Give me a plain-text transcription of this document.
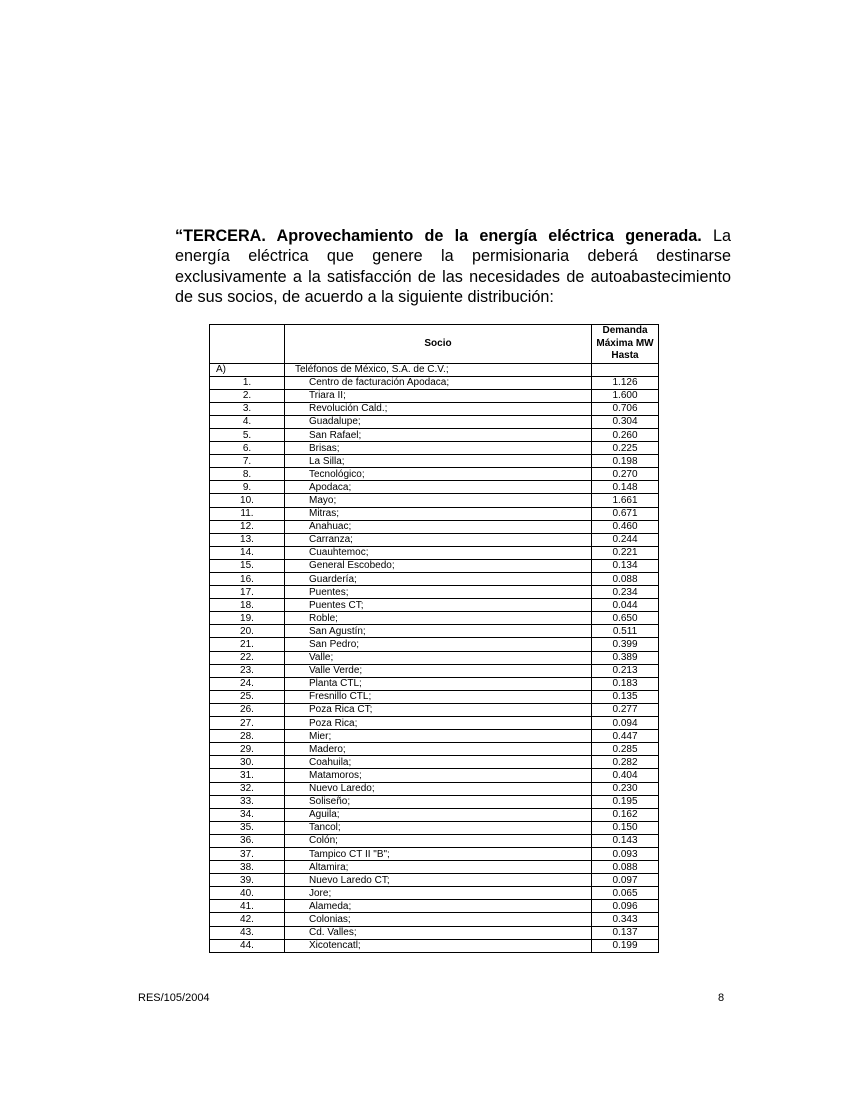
“TERCERA. Aprovechamiento de la energía eléctrica generada. La energía eléctrica que genere la permisionaria deberá destinarse exclusivamente a la satisfacción de las necesidades de autoabastecimiento de sus socios, de acuerdo a la siguiente distribución:
	Socio	Demanda Máxima MW Hasta
A)	Teléfonos de México, S.A. de C.V.;	
1.	Centro de facturación Apodaca;	1.126
2.	Triara II;	1.600
3.	Revolución Cald.;	0.706
4.	Guadalupe;	0.304
5.	San Rafael;	0.260
6.	Brisas;	0.225
7.	La Silla;	0.198
8.	Tecnológico;	0.270
9.	Apodaca;	0.148
10.	Mayo;	1.661
11.	Mitras;	0.671
12.	Anahuac;	0.460
13.	Carranza;	0.244
14.	Cuauhtemoc;	0.221
15.	General Escobedo;	0.134
16.	Guardería;	0.088
17.	Puentes;	0.234
18.	Puentes CT;	0.044
19.	Roble;	0.650
20.	San Agustín;	0.511
21.	San Pedro;	0.399
22.	Valle;	0.389
23.	Valle Verde;	0.213
24.	Planta CTL;	0.183
25.	Fresnillo CTL;	0.135
26.	Poza Rica CT;	0.277
27.	Poza Rica;	0.094
28.	Mier;	0.447
29.	Madero;	0.285
30.	Coahuila;	0.282
31.	Matamoros;	0.404
32.	Nuevo Laredo;	0.230
33.	Soliseño;	0.195
34.	Aguila;	0.162
35.	Tancol;	0.150
36.	Colón;	0.143
37.	Tampico CT II "B";	0.093
38.	Altamira;	0.088
39.	Nuevo Laredo CT;	0.097
40.	Jore;	0.065
41.	Alameda;	0.096
42.	Colonias;	0.343
43.	Cd. Valles;	0.137
44.	Xicotencatl;	0.199
RES/105/2004	8
